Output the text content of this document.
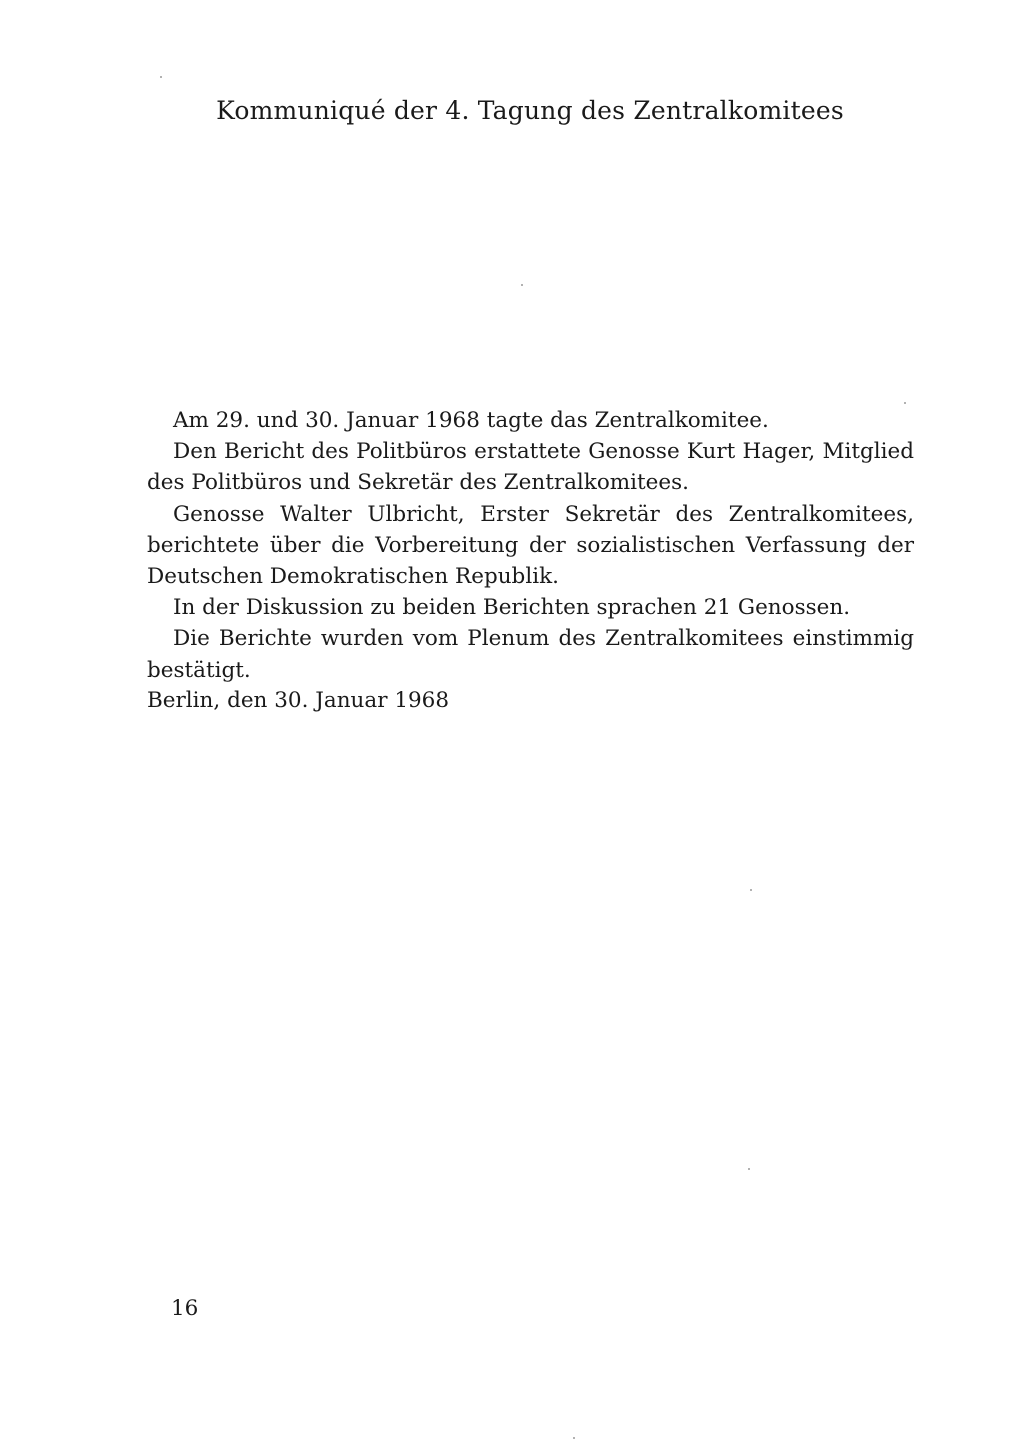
Kommuniqué der 4. Tagung des Zentralkomitees

Am 29. und 30. Januar 1968 tagte das Zentralkomitee.

Den Bericht des Politbüros erstattete Genosse Kurt Hager, Mitglied des Politbüros und Sekretär des Zentralkomitees.

Genosse Walter Ulbricht, Erster Sekretär des Zentralkomitees, berichtete über die Vorbereitung der sozialistischen Verfassung der Deutschen Demokratischen Republik.

In der Diskussion zu beiden Berichten sprachen 21 Genossen.

Die Berichte wurden vom Plenum des Zentralkomitees einstimmig bestätigt.

Berlin, den 30. Januar 1968
16
